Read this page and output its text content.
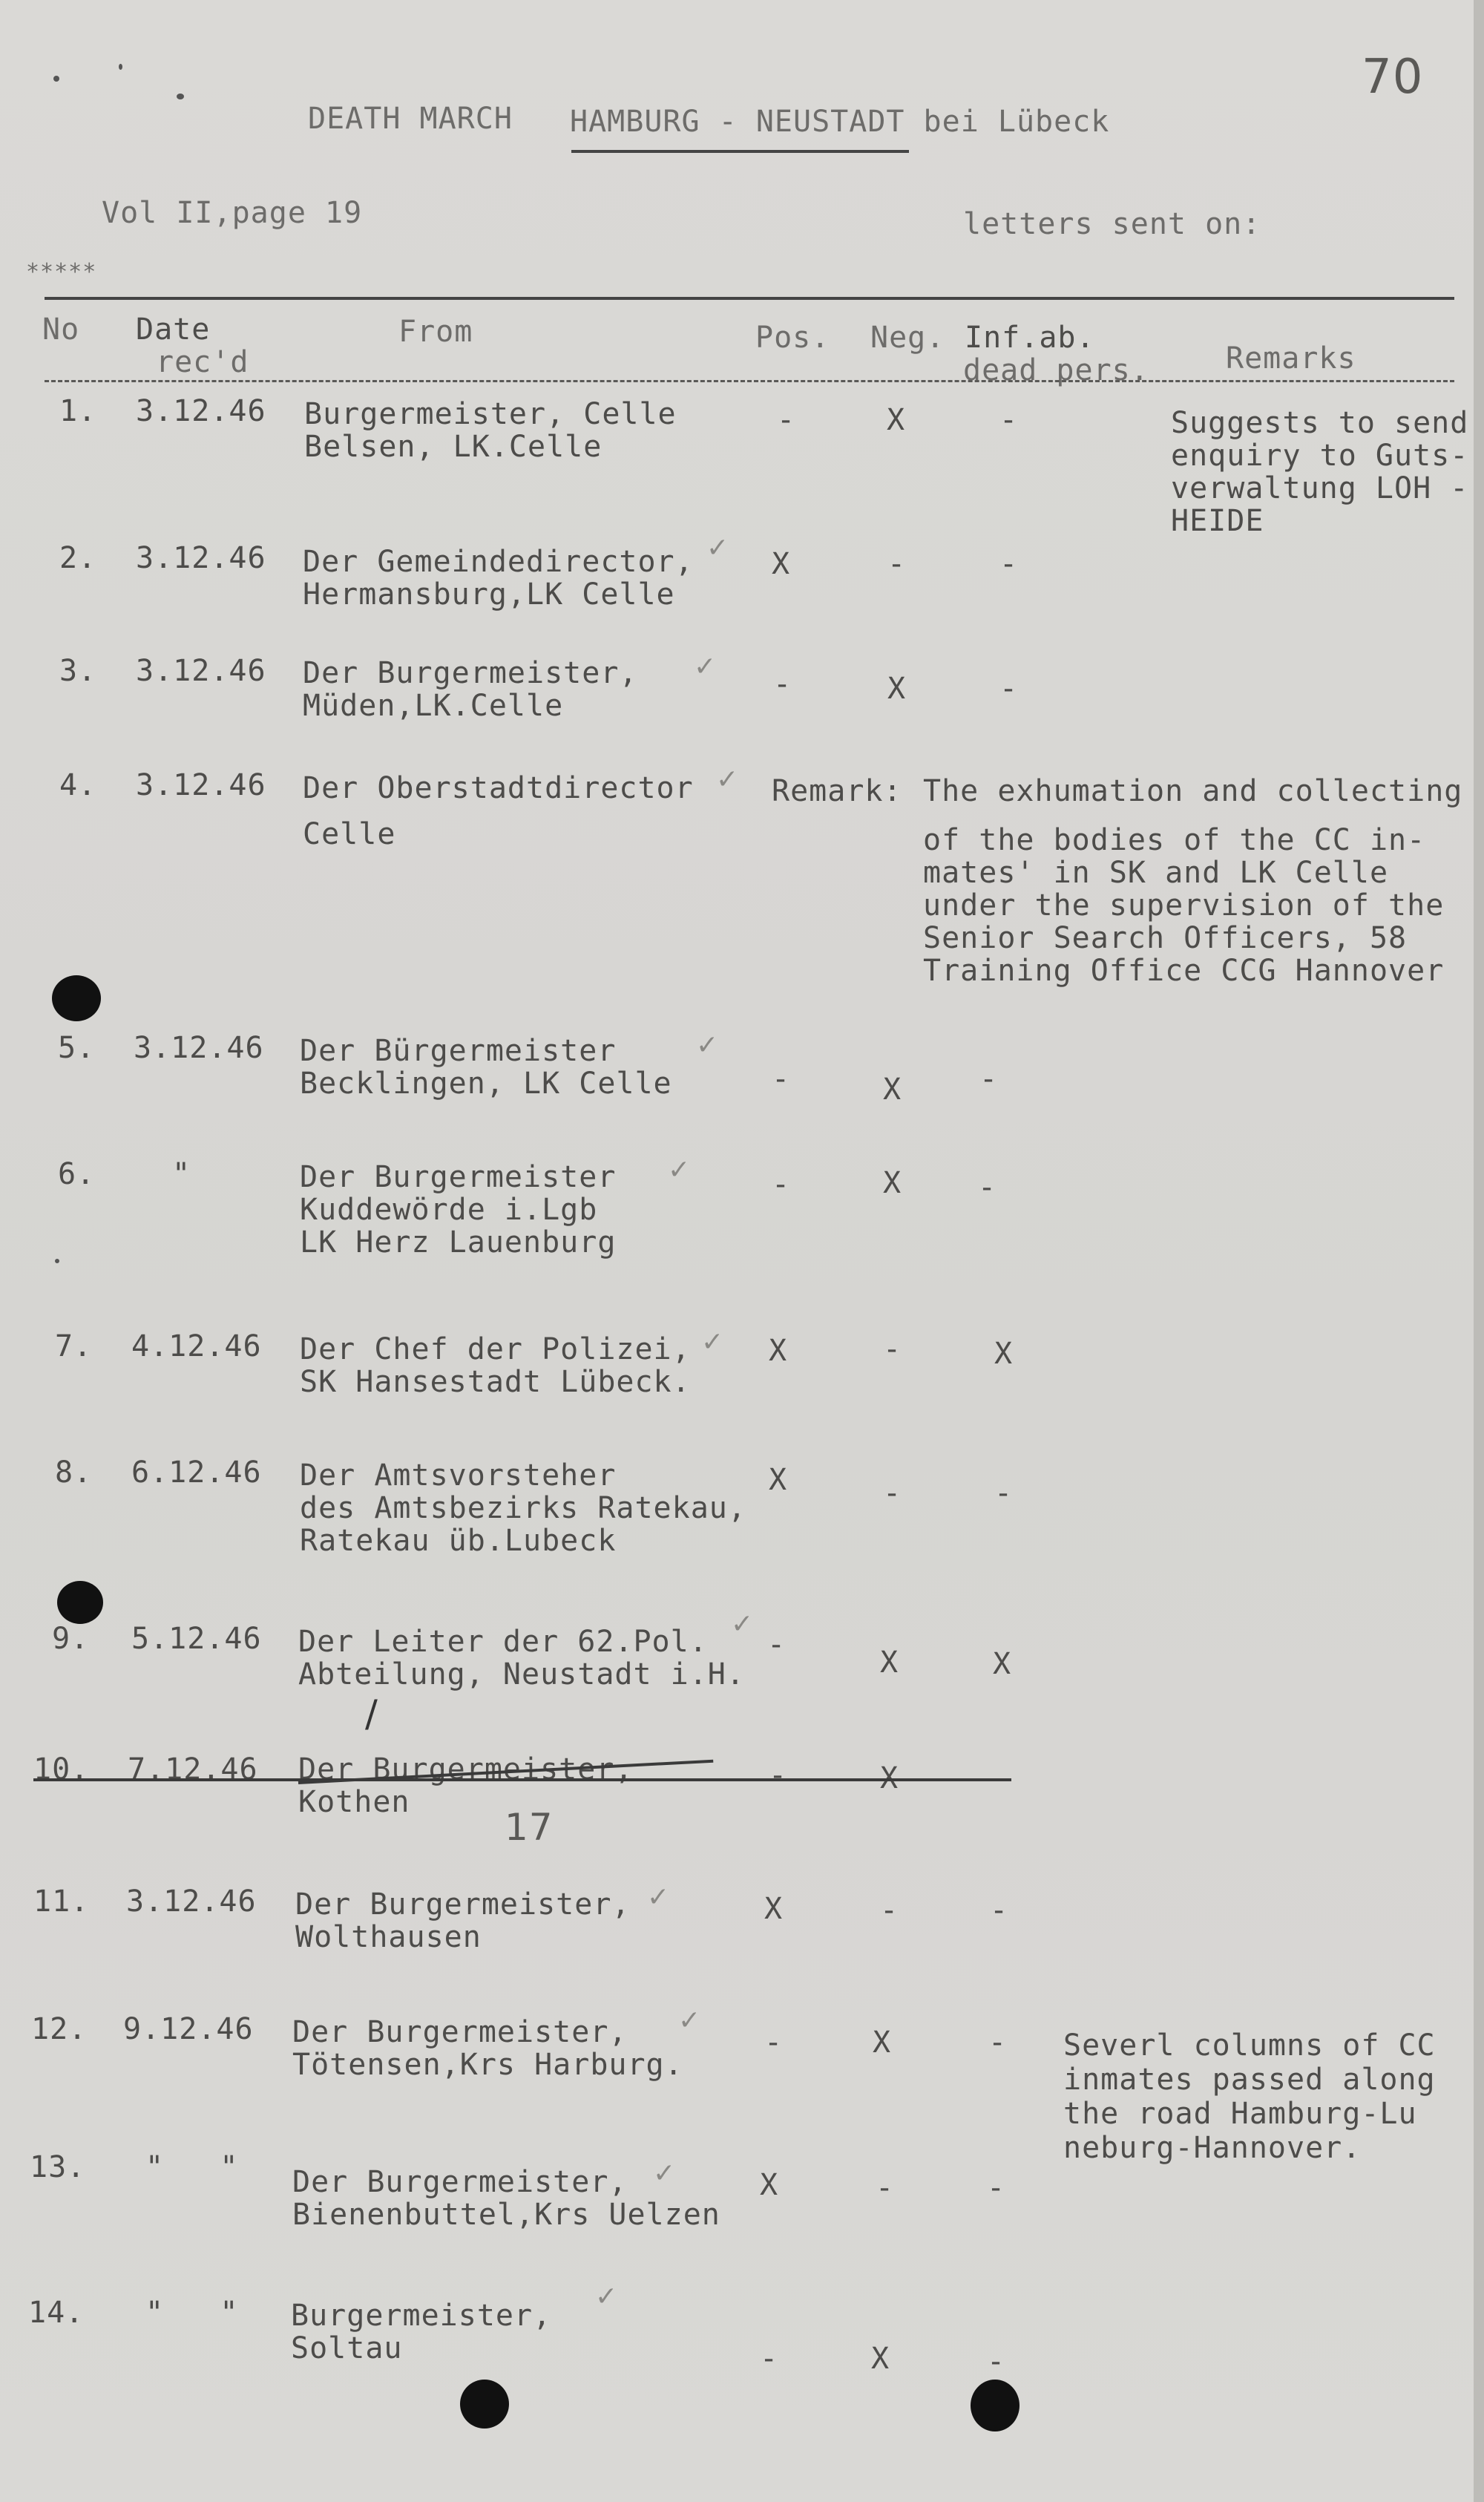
70
DEATH MARCH HAMBURG - NEUSTADT bei Lübeck
Vol II,page 19	letters sent on:
*****
No Date
rec'd
From	Pos. Neg. Inf.ab.
dead pers.	Remarks
1. 3.12.46 Burgermeister, Celle
Belsen, LK.Celle
-	X	-	Suggests to send
enquiry to Guts-
verwaltung LOH -
HEIDE
2. 3.12.46 Der Gemeindedirector, ✓
Hermansburg,LK Celle
X	-	-
3. 3.12.46 Der Burgermeister, ✓
Müden,LK.Celle
-	X	-
4. 3.12.46 Der Oberstadtdirector ✓
Celle
Remark: The exhumation and collecting
of the bodies of the CC in-
mates' in SK and LK Celle
under the supervision of the
Senior Search Officers, 58
Training Office CCG Hannover
5. 3.12.46 Der Bürgermeister	✓
Becklingen, LK Celle	-	X	-
6.	"	Der Burgermeister ✓
Kuddewörde i.Lgb
LK Herz Lauenburg
-	X	-
7. 4.12.46 Der Chef der Polizei, ✓
SK Hansestadt Lübeck.
X	-	X
8. 6.12.46 Der Amtsvorsteher
des Amtsbezirks Ratekau,
Ratekau üb.Lubeck
X	-	-
9. 5.12.46 Der Leiter der 62.Pol.
✓
Abteilung, Neustadt i.H.
-
X	X
10. 7.12.46 Der Burgermeister,
Kothen
-	X
17
/
11. 3.12.46 Der Burgermeister, ✓
Wolthausen
X	-	-
12. 9.12.46 Der Burgermeister, ✓
Tötensen,Krs Harburg.
-	X	- Severl columns of CC
inmates passed along
the road Hamburg-Lu
neburg-Hannover.
13. "   " Der Burgermeister, ✓
Bienenbuttel,Krs Uelzen
X	-	-
14. "   " Burgermeister,
✓
Soltau	-	X	-
